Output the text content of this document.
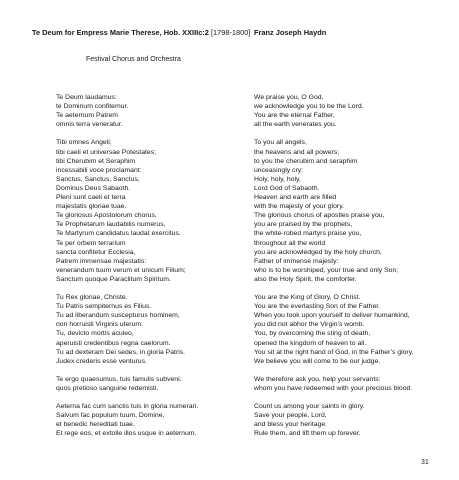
Te Deum for Empress Marie Therese, Hob. XXIIIc:2 [1798-1800] Franz Joseph Haydn
Festival Chorus and Orchestra
Te Deum laudamus:
te Dominum confitemur.
Te aeternum Patrem
omnis terra veneratur.
Tibi omnes Angeli;
tibi caeli et universae Potestates;
tibi Cherubim et Seraphim
incessabili voce proclamant:
Sanctus, Sanctus, Sanctus,
Dominus Deus Sabaoth.
Pleni sunt caeli et terra
majestatis gloriae tuae.
Te gloriosus Apostolorum chorus,
Te Prophetarum laudabilis numerus,
Te Martyrum candidatus laudat exercitus.
Te per orbem terrarium
sancta confitetur Ecclesia,
Patrem immensae majestatis:
venerandum tuum verum et unicum Filium;
Sanctum quoque Paraclitum Spiritum.
Tu Rex gloriae, Christe.
Tu Patris sempiternus es Filius.
Tu ad liberandum suscepturus hominem,
non horruisti Virginis uterum.
Tu, devicto mortis aculeo,
aperuisti credentibus regna caelorum.
Tu ad dexteram Dei sedes, in gloria Patris.
Judex crederis esse venturus.
Te ergo quaesumus, tuis famulis subveni:
quos pretioso sanguine redemisti.
Aeterna fac cum sanctis tuis in gloria numerari.
Salvum fac populum tuum, Domine,
et benedic hereditati tuae.
Et rege eos, et extolle illos usque in aeternum.
We praise you, O God,
we acknowledge you to be the Lord.
You are the eternal Father,
all the earth venerates you.
To you all angels,
the heavens and all powers;
to you the cherubim and seraphim
unceasingly cry:
Holy, holy, holy,
Lord God of Sabaoth.
Heaven and earth are filled
with the majesty of your glory.
The glorious chorus of apostles praise you,
you are praised by the prophets,
the white-robed martyrs praise you,
throughout all the world
you are acknowledged by the holy church,
Father of immense majesty:
who is to be worshiped, your true and only Son;
also the Holy Spirit, the comforter.
You are the King of Glory, O Christ.
You are the everlasting Son of the Father.
When you took upon yourself to deliver humankind,
you did not abhor the Virgin’s womb.
You, by overcoming the sting of death,
opened the kingdom of heaven to all.
You sit at the right hand of God, in the Father’s glory.
We believe you will come to be our judge.
We therefore ask you, help your servants:
whom you have redeemed with your precious blood.
Count us among your saints in glory.
Save your people, Lord,
and bless your heritage.
Rule them, and lift them up forever.
31
